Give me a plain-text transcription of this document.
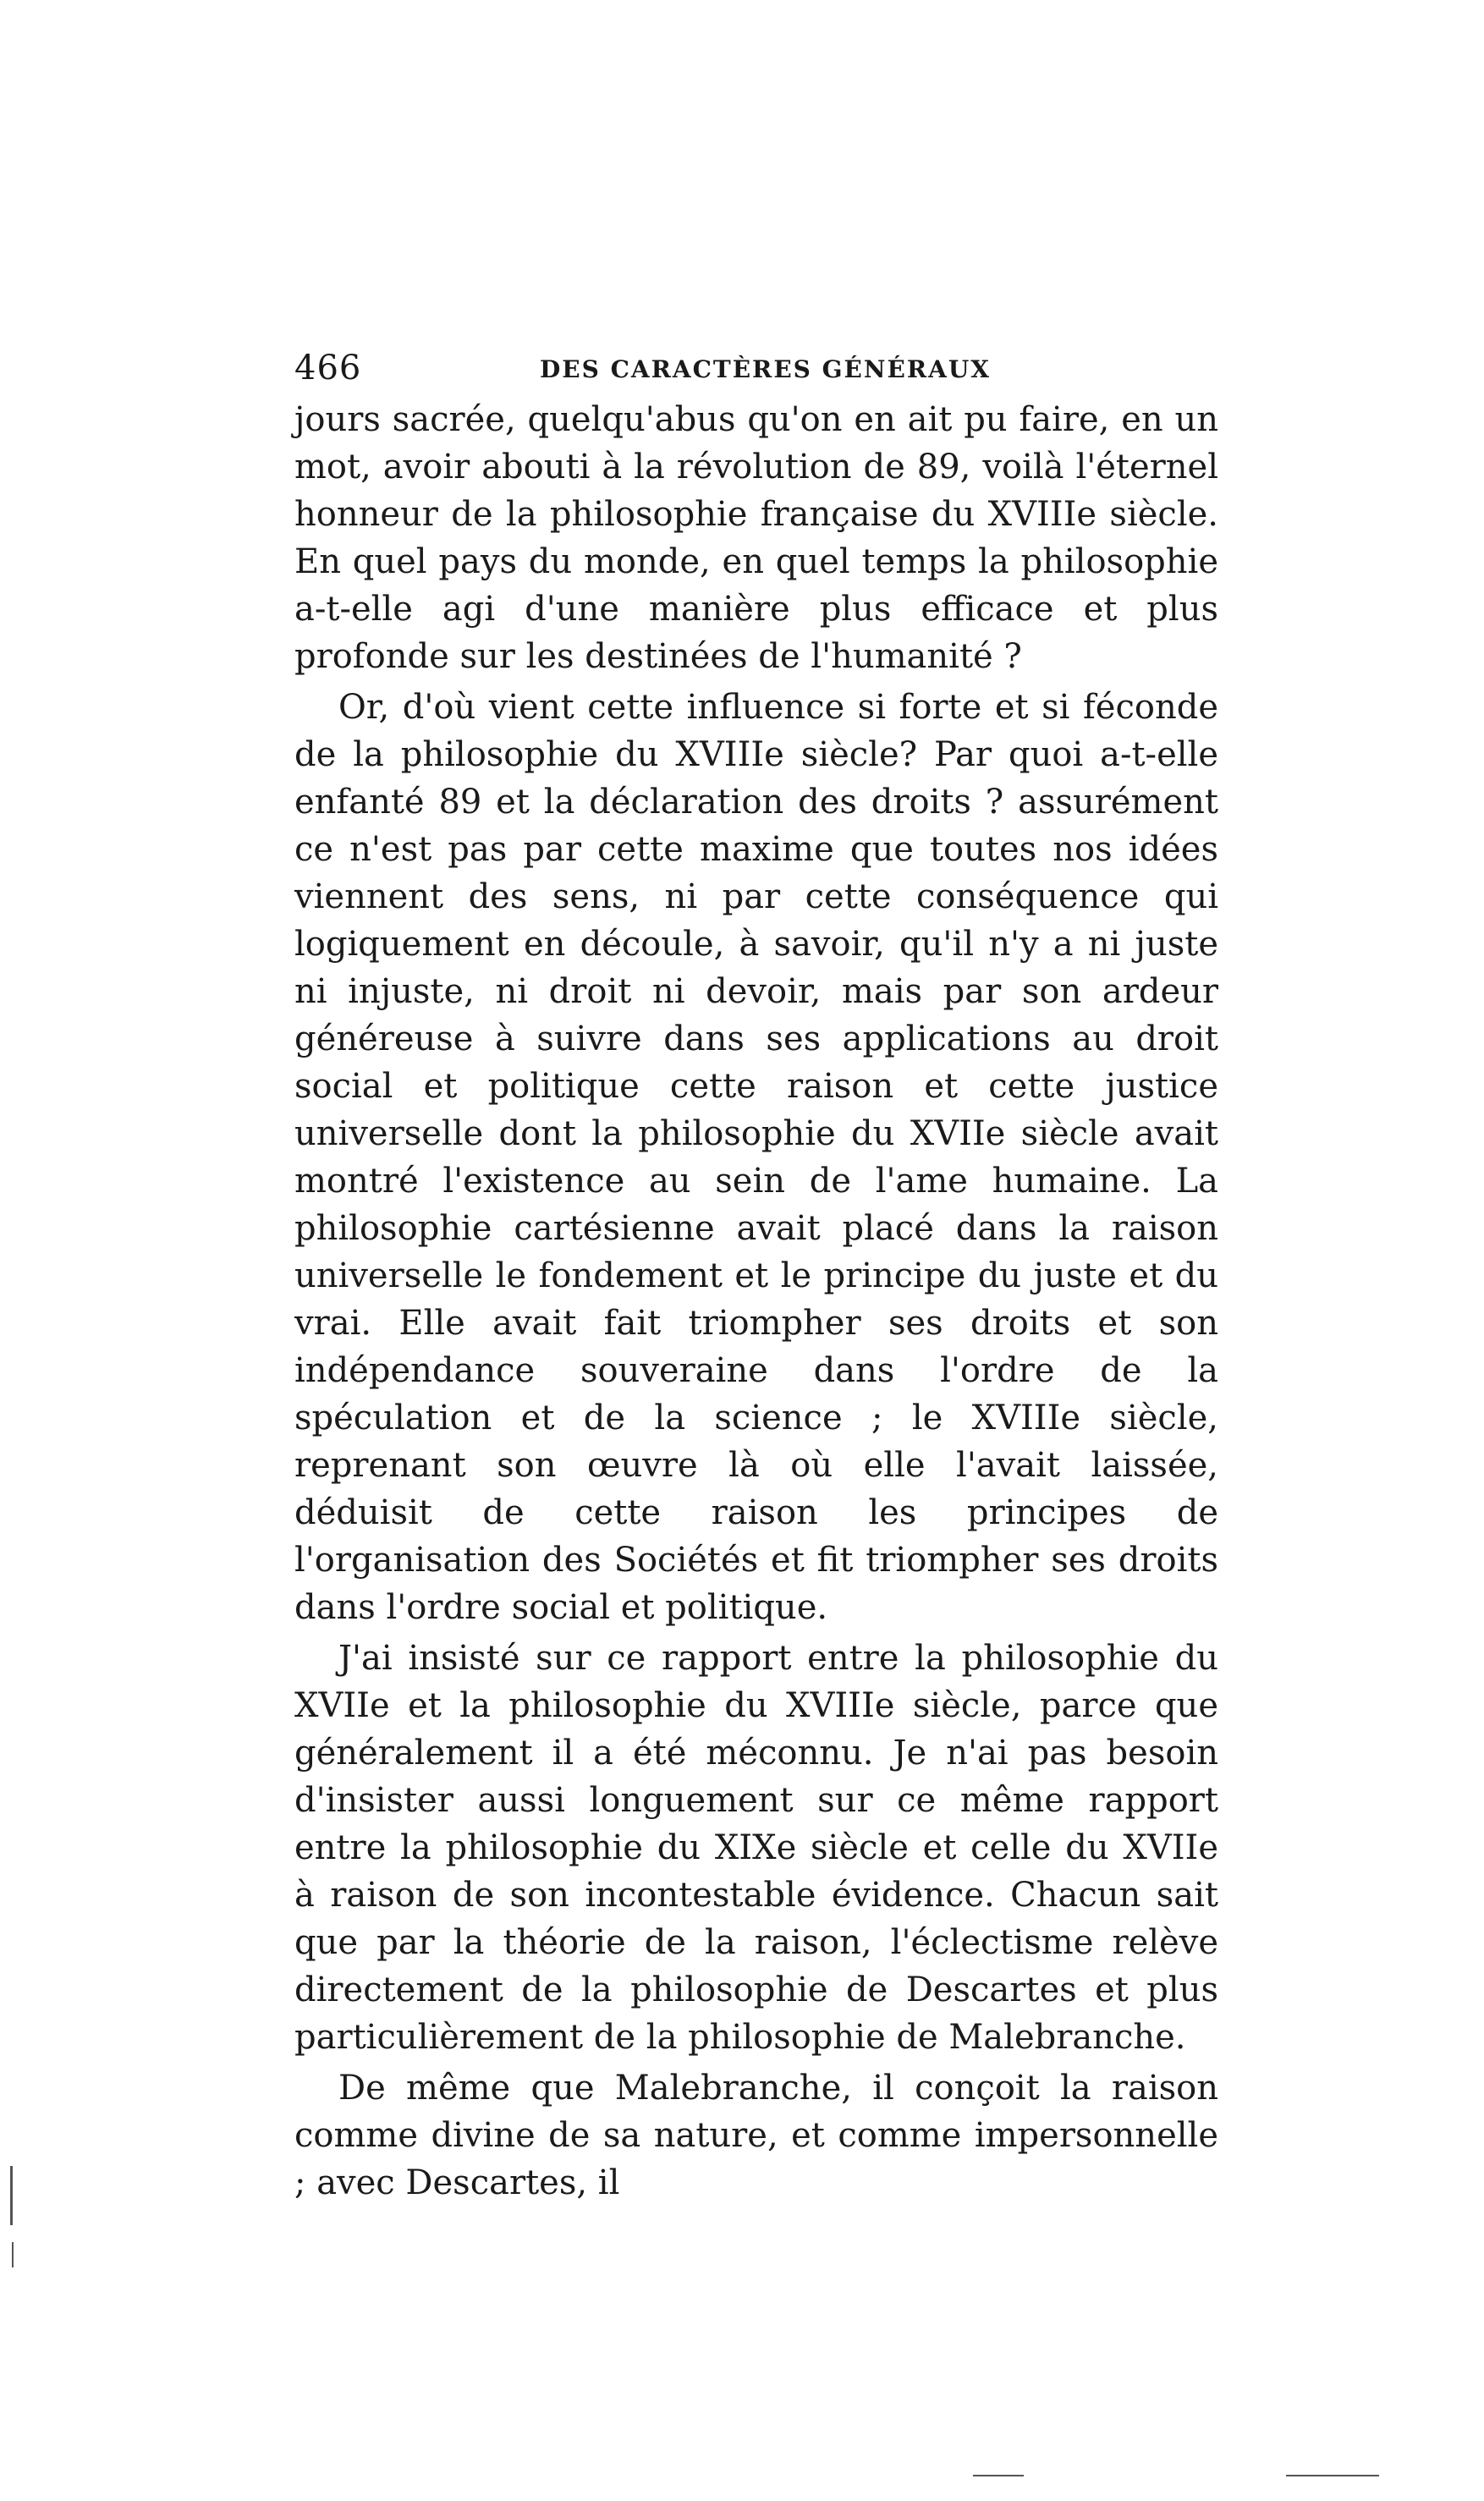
466	DES CARACTÈRES GÉNÉRAUX

jours sacrée, quelqu'abus qu'on en ait pu faire, en un mot, avoir abouti à la révolution de 89, voilà l'éternel honneur de la philosophie française du XVIIIe siècle. En quel pays du monde, en quel temps la philosophie a-t-elle agi d'une manière plus efficace et plus profonde sur les destinées de l'humanité ?

Or, d'où vient cette influence si forte et si féconde de la philosophie du XVIIIe siècle? Par quoi a-t-elle enfanté 89 et la déclaration des droits ? assurément ce n'est pas par cette maxime que toutes nos idées viennent des sens, ni par cette conséquence qui logiquement en découle, à savoir, qu'il n'y a ni juste ni injuste, ni droit ni devoir, mais par son ardeur généreuse à suivre dans ses applications au droit social et politique cette raison et cette justice universelle dont la philosophie du XVIIe siècle avait montré l'existence au sein de l'ame humaine. La philosophie cartésienne avait placé dans la raison universelle le fondement et le principe du juste et du vrai. Elle avait fait triompher ses droits et son indépendance souveraine dans l'ordre de la spéculation et de la science ; le XVIIIe siècle, reprenant son œuvre là où elle l'avait laissée, déduisit de cette raison les principes de l'organisation des Sociétés et fit triompher ses droits dans l'ordre social et politique.

J'ai insisté sur ce rapport entre la philosophie du XVIIe et la philosophie du XVIIIe siècle, parce que généralement il a été méconnu. Je n'ai pas besoin d'insister aussi longuement sur ce même rapport entre la philosophie du XIXe siècle et celle du XVIIe à raison de son incontestable évidence. Chacun sait que par la théorie de la raison, l'éclectisme relève directement de la philosophie de Descartes et plus particulièrement de la philosophie de Malebranche.

De même que Malebranche, il conçoit la raison comme divine de sa nature, et comme impersonnelle ; avec Descartes, il
